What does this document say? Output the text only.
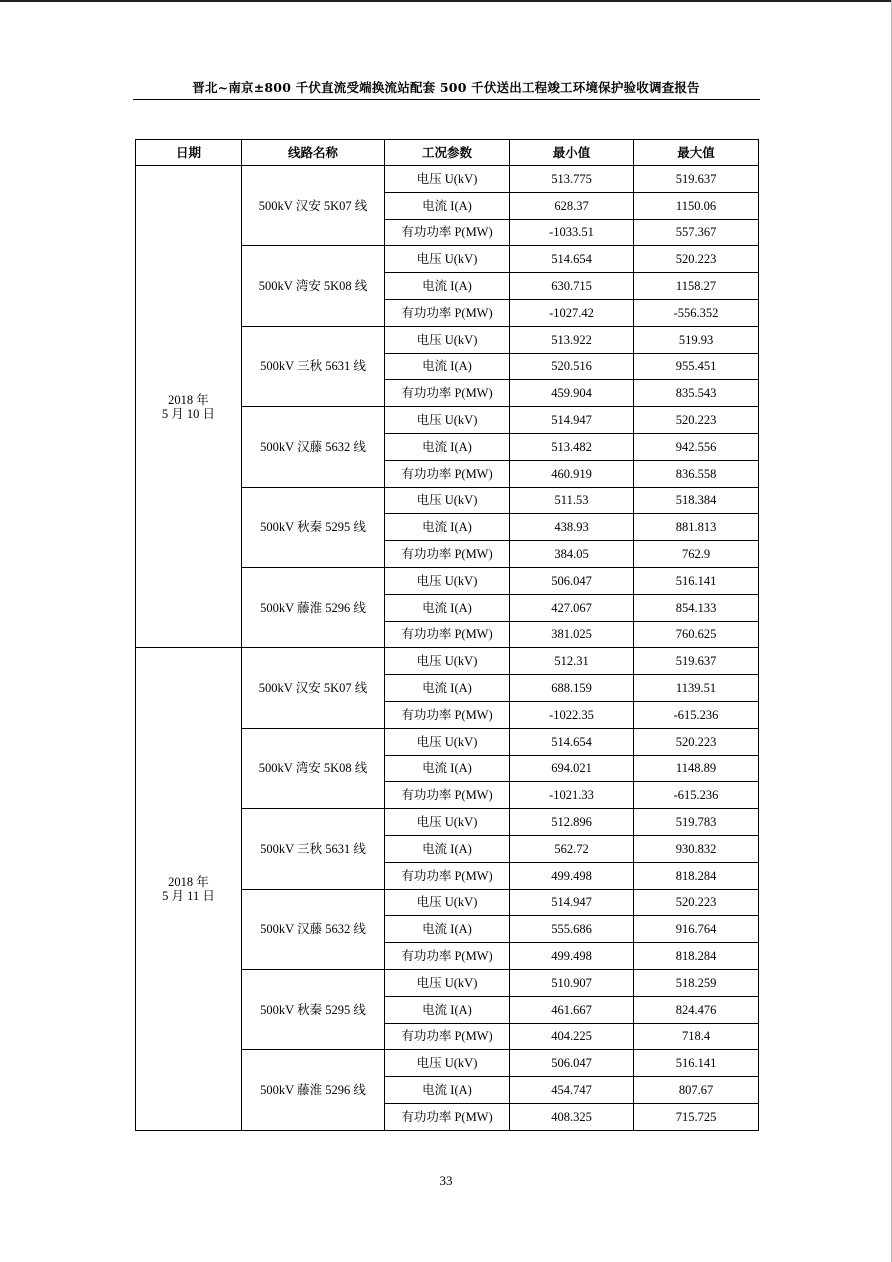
晋北~南京±800 千伏直流受端换流站配套 500 千伏送出工程竣工环境保护验收调查报告
日期	线路名称	工况参数	最小值	最大值

2018 年
5 月 10 日	500kV 汉安 5K07 线	电压 U(kV)	513.775	519.637
		电流 I(A)	628.37	1150.06
		有功功率 P(MW)	-1033.51	557.367
	500kV 湾安 5K08 线	电压 U(kV)	514.654	520.223
		电流 I(A)	630.715	1158.27
		有功功率 P(MW)	-1027.42	-556.352
	500kV 三秋 5631 线	电压 U(kV)	513.922	519.93
		电流 I(A)	520.516	955.451
		有功功率 P(MW)	459.904	835.543
	500kV 汉藤 5632 线	电压 U(kV)	514.947	520.223
		电流 I(A)	513.482	942.556
		有功功率 P(MW)	460.919	836.558
	500kV 秋秦 5295 线	电压 U(kV)	511.53	518.384
		电流 I(A)	438.93	881.813
		有功功率 P(MW)	384.05	762.9
	500kV 藤淮 5296 线	电压 U(kV)	506.047	516.141
		电流 I(A)	427.067	854.133
		有功功率 P(MW)	381.025	760.625

2018 年
5 月 11 日	500kV 汉安 5K07 线	电压 U(kV)	512.31	519.637
		电流 I(A)	688.159	1139.51
		有功功率 P(MW)	-1022.35	-615.236
	500kV 湾安 5K08 线	电压 U(kV)	514.654	520.223
		电流 I(A)	694.021	1148.89
		有功功率 P(MW)	-1021.33	-615.236
	500kV 三秋 5631 线	电压 U(kV)	512.896	519.783
		电流 I(A)	562.72	930.832
		有功功率 P(MW)	499.498	818.284
	500kV 汉藤 5632 线	电压 U(kV)	514.947	520.223
		电流 I(A)	555.686	916.764
		有功功率 P(MW)	499.498	818.284
	500kV 秋秦 5295 线	电压 U(kV)	510.907	518.259
		电流 I(A)	461.667	824.476
		有功功率 P(MW)	404.225	718.4
	500kV 藤淮 5296 线	电压 U(kV)	506.047	516.141
		电流 I(A)	454.747	807.67
		有功功率 P(MW)	408.325	715.725
33
